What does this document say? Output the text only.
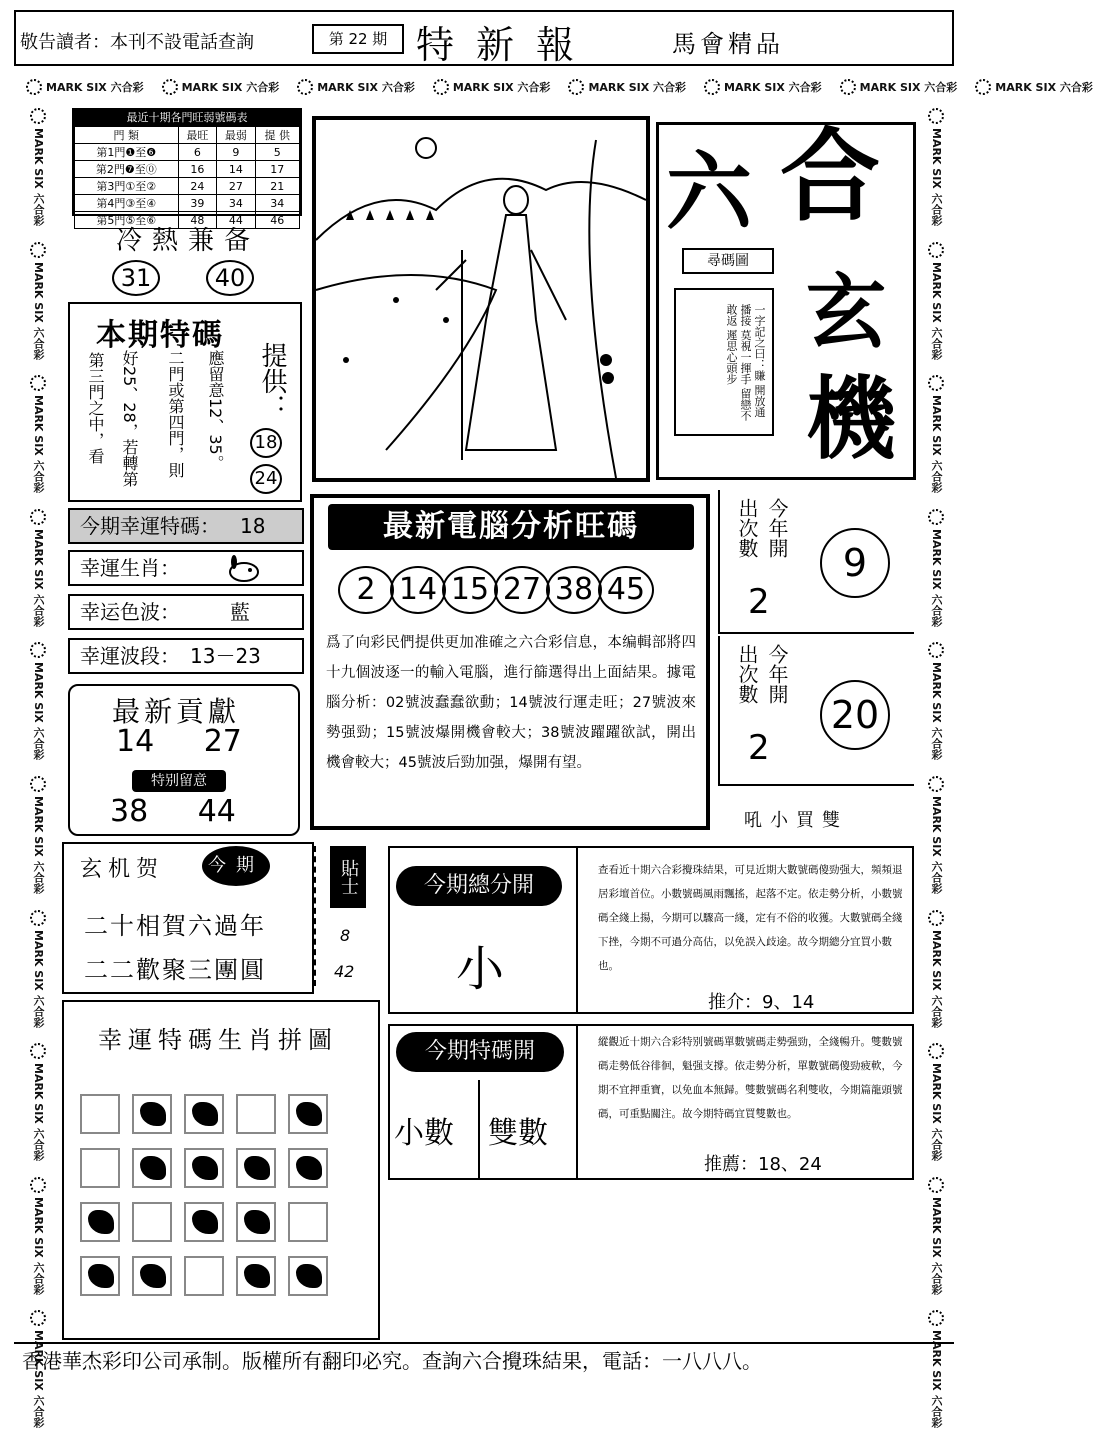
敬告讀者：本刊不設電話查詢	第 22 期 特新報	馬會精品
MARK SIX 六合彩	MARK SIX 六合彩	MARK SIX 六合彩	MARK SIX 六合彩	MARK SIX 六合彩	MARK SIX 六合彩	MARK SIX 六合彩	MARK SIX 六合彩
MARK SIX 六合彩
MARK SIX 六合彩
MARK SIX 六合彩
MARK SIX 六合彩
MARK SIX 六合彩
MARK SIX 六合彩
MARK SIX 六合彩
MARK SIX 六合彩
MARK SIX 六合彩
MARK SIX 六合彩
MARK SIX 六合彩
MARK SIX 六合彩
MARK SIX 六合彩
MARK SIX 六合彩
MARK SIX 六合彩
MARK SIX 六合彩
MARK SIX 六合彩
MARK SIX 六合彩
MARK SIX 六合彩
MARK SIX 六合彩
最近十期各門旺弱號碼表
門 類	最旺	最弱	提 供
第1門❶至❻	6	9	5
第2門❼至⓪	16	14	17
第3門①至②	24	27	21
第4門③至④	39	34	34
第5門⑤至⑥	48	44	46
冷熱兼备
31	40
本期特碼
第三門之中，看 好25、28，若轉第 二門或第四門，則 應留意12、35。 提供：
18
24
今期幸運特碼： 18
幸運生肖：
幸运色波：	藍
幸運波段： 13－23
最新貢獻
14 27
特别留意
38 44
六 合
玄
機
尋碼圖
一字記之曰：賺 開放通播接 莫視一揮手 留戀不敢返 遲思心頭步
最新電腦分析旺碼
2 14 15 27 38 45
爲了向彩民們提供更加准確之六合彩信息，本编輯部將四十九個波逐一的輸入電腦，進行篩選得出上面結果。據電腦分析：02號波蠢蠢欲動；14號波行運走旺；27號波來勢强勁；15號波爆開機會較大；38號波躍躍欲試，開出機會較大；45號波后勁加强，爆開有望。
今年開
出次數
2
9
今年開
出次數
2
20
吼小買雙
玄机贺	今期
二十相賀六過年
二二歡聚三團圓
貼士
8
42
今期總分開
小
查看近十期六合彩攪珠結果，可見近期大數號碼傻勁强大，頻頻退居彩壇首位。小數號碼風雨飄搖，起落不定。依走勢分析，小數號碼全綫上揚，今期可以驟高一綫，定有不俗的收獲。大數號碼全綫下挫，今期不可過分高估，以免誤入歧途。故今期總分宜買小數也。
推介：9、14
今期特碼開
小數 雙數
縱觀近十期六合彩特别號碼單數號碼走勢强勁，全綫暢升。雙數號碼走勢低谷徘徊，魁强支撐。依走勢分析，單數號碼傻勁疲軟，今期不宜押重寶，以免血本無歸。雙數號碼名利雙收，今期篇龍頭號碼，可重點關注。故今期特碼宜買雙數也。
推薦：18、24
幸運特碼生肖拼圖
香港華杰彩印公司承制。版權所有翻印必究。查詢六合攪珠結果，電話：一八八八。
